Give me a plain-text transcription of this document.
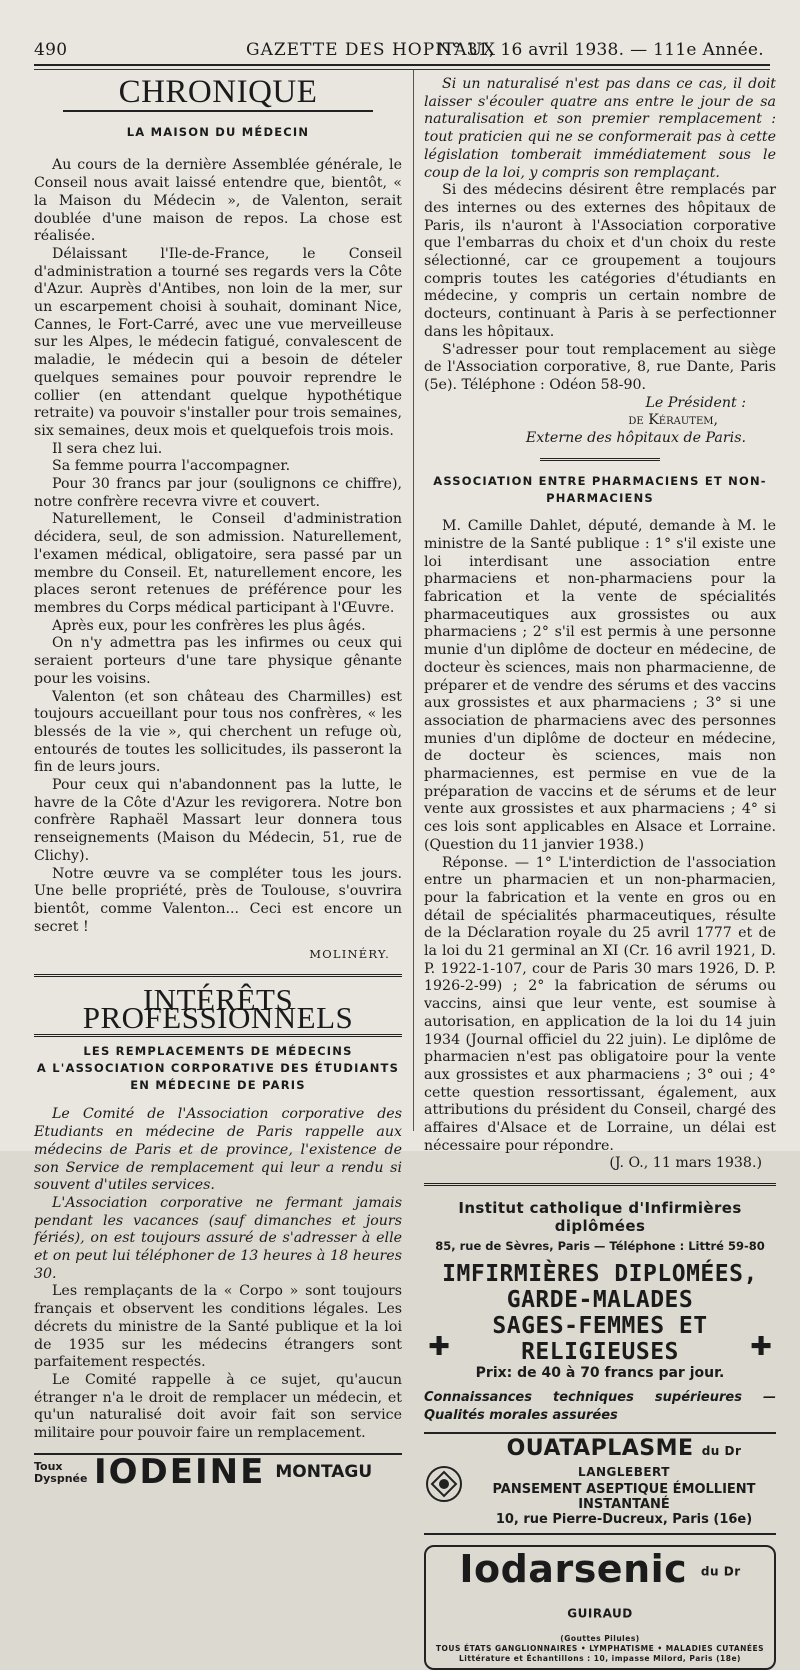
490	GAZETTE DES HOPITAUX
N° 31, 16 avril 1938. — 111e Année.
CHRONIQUE
LA MAISON DU MÉDECIN

Au cours de la dernière Assemblée générale, le Conseil nous avait laissé entendre que, bientôt, « la Maison du Médecin », de Valenton, serait doublée d'une maison de repos. La chose est réalisée.

Délaissant l'Ile-de-France, le Conseil d'administration a tourné ses regards vers la Côte d'Azur. Auprès d'Antibes, non loin de la mer, sur un escarpement choisi à souhait, dominant Nice, Cannes, le Fort-Carré, avec une vue merveilleuse sur les Alpes, le médecin fatigué, convalescent de maladie, le médecin qui a besoin de dételer quelques semaines pour pouvoir reprendre le collier (en attendant quelque hypothétique retraite) va pouvoir s'installer pour trois semaines, six semaines, deux mois et quelquefois trois mois.

Il sera chez lui.

Sa femme pourra l'accompagner.

Pour 30 francs par jour (soulignons ce chiffre), notre confrère recevra vivre et couvert.

Naturellement, le Conseil d'administration décidera, seul, de son admission. Naturellement, l'examen médical, obligatoire, sera passé par un membre du Conseil. Et, naturellement encore, les places seront retenues de préférence pour les membres du Corps médical participant à l'Œuvre.

Après eux, pour les confrères les plus âgés.

On n'y admettra pas les infirmes ou ceux qui seraient porteurs d'une tare physique gênante pour les voisins.

Valenton (et son château des Charmilles) est toujours accueillant pour tous nos confrères, « les blessés de la vie », qui cherchent un refuge où, entourés de toutes les sollicitudes, ils passeront la fin de leurs jours.

Pour ceux qui n'abandonnent pas la lutte, le havre de la Côte d'Azur les revigorera. Notre bon confrère Raphaël Massart leur donnera tous renseignements (Maison du Médecin, 51, rue de Clichy).

Notre œuvre va se compléter tous les jours. Une belle propriété, près de Toulouse, s'ouvrira bientôt, comme Valenton... Ceci est encore un secret !

MOLINÉRY.
INTÉRÊTS PROFESSIONNELS
LES REMPLACEMENTS DE MÉDECINS
A L'ASSOCIATION CORPORATIVE DES ÉTUDIANTS
EN MÉDECINE DE PARIS

Le Comité de l'Association corporative des Etudiants en médecine de Paris rappelle aux médecins de Paris et de province, l'existence de son Service de remplacement qui leur a rendu si souvent d'utiles services.

L'Association corporative ne fermant jamais pendant les vacances (sauf dimanches et jours fériés), on est toujours assuré de s'adresser à elle et on peut lui téléphoner de 13 heures à 18 heures 30.

Les remplaçants de la « Corpo » sont toujours français et observent les conditions légales. Les décrets du ministre de la Santé publique et la loi de 1935 sur les médecins étrangers sont parfaitement respectés.

Le Comité rappelle à ce sujet, qu'aucun étranger n'a le droit de remplacer un médecin, et qu'un naturalisé doit avoir fait son service militaire pour pouvoir faire un remplacement.

Toux Dyspnée IODEINE MONTAGU

Si un naturalisé n'est pas dans ce cas, il doit laisser s'écouler quatre ans entre le jour de sa naturalisation et son premier remplacement : tout praticien qui ne se conformerait pas à cette législation tomberait immédiatement sous le coup de la loi, y compris son remplaçant.

Si des médecins désirent être remplacés par des internes ou des externes des hôpitaux de Paris, ils n'auront à l'Association corporative que l'embarras du choix et d'un choix du reste sélectionné, car ce groupement a toujours compris toutes les catégories d'étudiants en médecine, y compris un certain nombre de docteurs, continuant à Paris à se perfectionner dans les hôpitaux.

S'adresser pour tout remplacement au siège de l'Association corporative, 8, rue Dante, Paris (5e). Téléphone : Odéon 58-90.

Le Président :
de Kérautem,
Externe des hôpitaux de Paris.
ASSOCIATION ENTRE PHARMACIENS ET NON-PHARMACIENS

M. Camille Dahlet, député, demande à M. le ministre de la Santé publique : 1° s'il existe une loi interdisant une association entre pharmaciens et non-pharmaciens pour la fabrication et la vente de spécialités pharmaceutiques aux grossistes ou aux pharmaciens ; 2° s'il est permis à une personne munie d'un diplôme de docteur en médecine, de docteur ès sciences, mais non pharmacienne, de préparer et de vendre des sérums et des vaccins aux grossistes et aux pharmaciens ; 3° si une association de pharmaciens avec des personnes munies d'un diplôme de docteur en médecine, de docteur ès sciences, mais non pharmaciennes, est permise en vue de la préparation de vaccins et de sérums et de leur vente aux grossistes et aux pharmaciens ; 4° si ces lois sont applicables en Alsace et Lorraine. (Question du 11 janvier 1938.)

Réponse. — 1° L'interdiction de l'association entre un pharmacien et un non-pharmacien, pour la fabrication et la vente en gros ou en détail de spécialités pharmaceutiques, résulte de la Déclaration royale du 25 avril 1777 et de la loi du 21 germinal an XI (Cr. 16 avril 1921, D. P. 1922-1-107, cour de Paris 30 mars 1926, D. P. 1926-2-99) ; 2° la fabrication de sérums ou vaccins, ainsi que leur vente, est soumise à autorisation, en application de la loi du 14 juin 1934 (Journal officiel du 22 juin). Le diplôme de pharmacien n'est pas obligatoire pour la vente aux grossistes et aux pharmaciens ; 3° oui ; 4° cette question ressortissant, également, aux attributions du président du Conseil, chargé des affaires d'Alsace et de Lorraine, un délai est nécessaire pour répondre.

(J. O., 11 mars 1938.)
Institut catholique d'Infirmières diplômées
85, rue de Sèvres, Paris — Téléphone : Littré 59-80
IMFIRMIÈRES DIPLOMÉES, GARDE-MALADES
✚
SAGES-FEMMES ET RELIGIEUSES
Prix: de 40 à 70 francs par jour.
✚
Connaissances techniques supérieures — Qualités morales assurées
OUATAPLASME du Dr LANGLEBERT
PANSEMENT ASEPTIQUE ÉMOLLIENT INSTANTANÉ
10, rue Pierre-Ducreux, Paris (16e)
Iodarsenic du Dr GUIRAUD
(Gouttes Pilules)
TOUS ÉTATS GANGLIONNAIRES • LYMPHATISME • MALADIES CUTANÉES
Littérature et Échantillons : 10, impasse Milord, Paris (18e)
